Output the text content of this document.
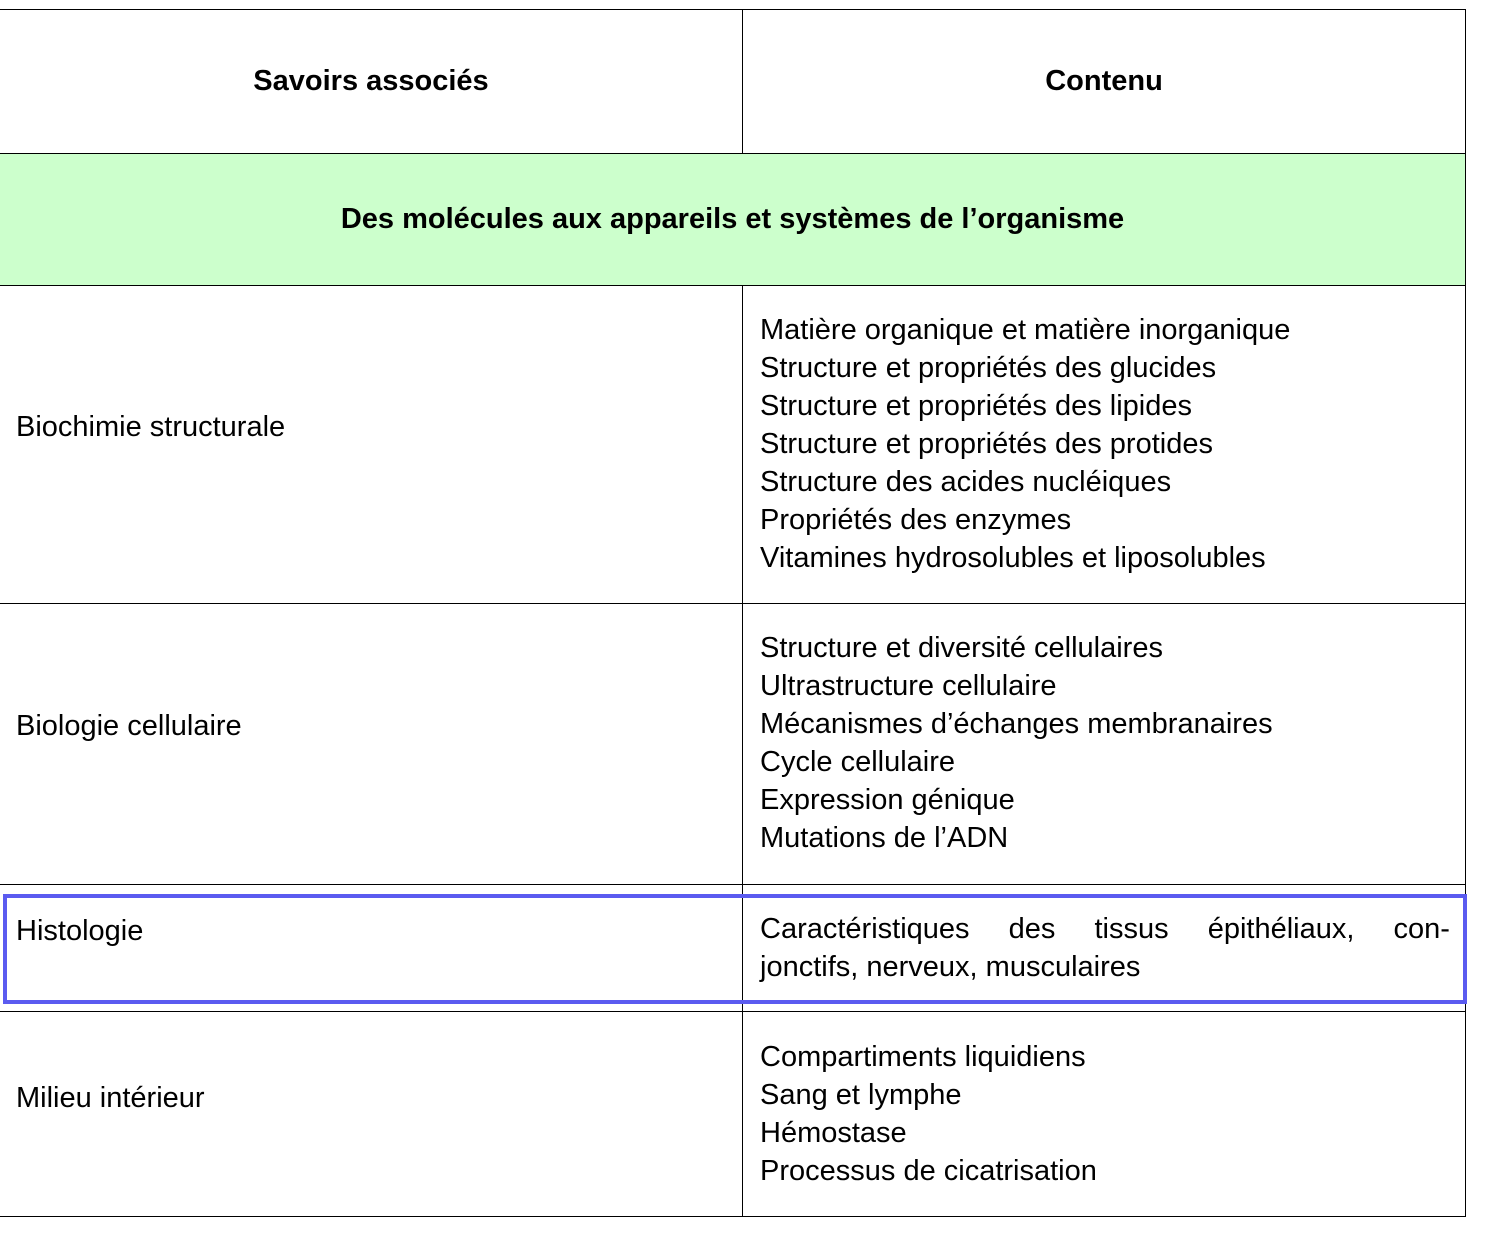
Des molécules aux appareils et systèmes de l’organisme
Savoirs associés	Contenu
Biochimie structurale
Matière organique et matière inorganique
Structure et propriétés des glucides
Structure et propriétés des lipides
Structure et propriétés des protides
Structure des acides nucléiques
Propriétés des enzymes
Vitamines hydrosolubles et liposolubles
Biologie cellulaire
Structure et diversité cellulaires
Ultrastructure cellulaire
Mécanismes d’échanges membranaires
Cycle cellulaire
Expression génique
Mutations de l’ADN
Histologie	Caractéristiques des tissus épithéliaux, con-
jonctifs, nerveux, musculaires
Milieu intérieur
Compartiments liquidiens
Sang et lymphe
Hémostase
Processus de cicatrisation
